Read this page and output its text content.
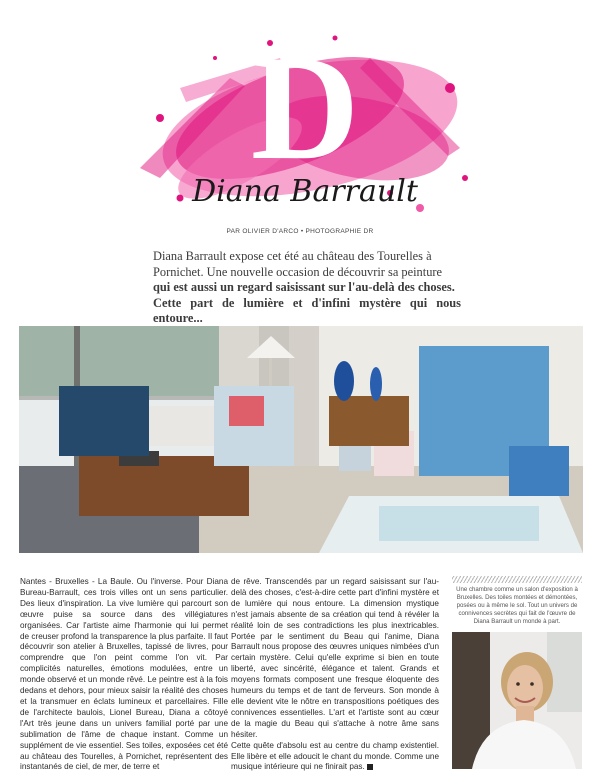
D
Diana Barrault
PAR OLIVIER D'ARCO • PHOTOGRAPHIE DR
Diana Barrault expose cet été au château des Tourelles à
Pornichet. Une nouvelle occasion de découvrir sa peinture
qui est aussi un regard saisissant sur l'au-delà des choses.
Cette part de lumière et d'infini mystère qui nous entoure...

Nantes - Bruxelles - La Baule. Ou l'inverse. Pour Diana Bureau-Barrault, ces trois villes ont un sens particulier. Des lieux d'inspiration. La vive lumière qui parcourt son œuvre puise sa source dans des villégiatures organisées. Car l'artiste aime l'harmonie qui lui permet de creuser profond la transparence la plus parfaite. Il faut découvrir son atelier à Bruxelles, tapissé de livres, pour comprendre que l'on peint comme l'on vit. Par complicités naturelles, émotions modulées, entre un monde observé et un monde rêvé. Le peintre est à la fois dedans et dehors, pour mieux saisir la réalité des choses et la transmuer en éclats lumineux et parcellaires. Fille de l'architecte baulois, Lionel Bureau, Diana a côtoyé l'Art très jeune dans un univers familial porté par une sublimation de l'âme de chaque instant. Comme un supplément de vie essentiel. Ses toiles, exposées cet été au château des Tourelles, à Pornichet, représentent des instantanés de ciel, de mer, de terre et

de rêve. Transcendés par un regard saisissant sur l'au-delà des choses, c'est-à-dire cette part d'infini mystère et de lumière qui nous entoure. La dimension mystique n'est jamais absente de sa création qui tend à révéler la réalité loin de ses contradictions les plus inextricables. Portée par le sentiment du Beau qui l'anime, Diana Barrault nous propose des œuvres uniques nimbées d'un certain mystère. Celui qu'elle exprime si bien en toute liberté, avec sincérité, élégance et talent. Grands et moyens formats composent une fresque éloquente des humeurs du temps et de tant de ferveurs. Son monde à elle devient vite le nôtre en transpositions poétiques des connivences essentielles. L'art et l'artiste sont au cœur de la magie du Beau qui s'attache à notre âme sans hésiter.

Cette quête d'absolu est au centre du champ existentiel. Elle libère et elle adoucit le chant du monde. Comme une musique intérieure qui ne finirait pas.

Une chambre comme un salon d'exposition à Bruxelles. Des toiles montées et démontées, posées ou à même le sol. Tout un univers de connivences secrètes qui fait de l'œuvre de Diana Barrault un monde à part.
